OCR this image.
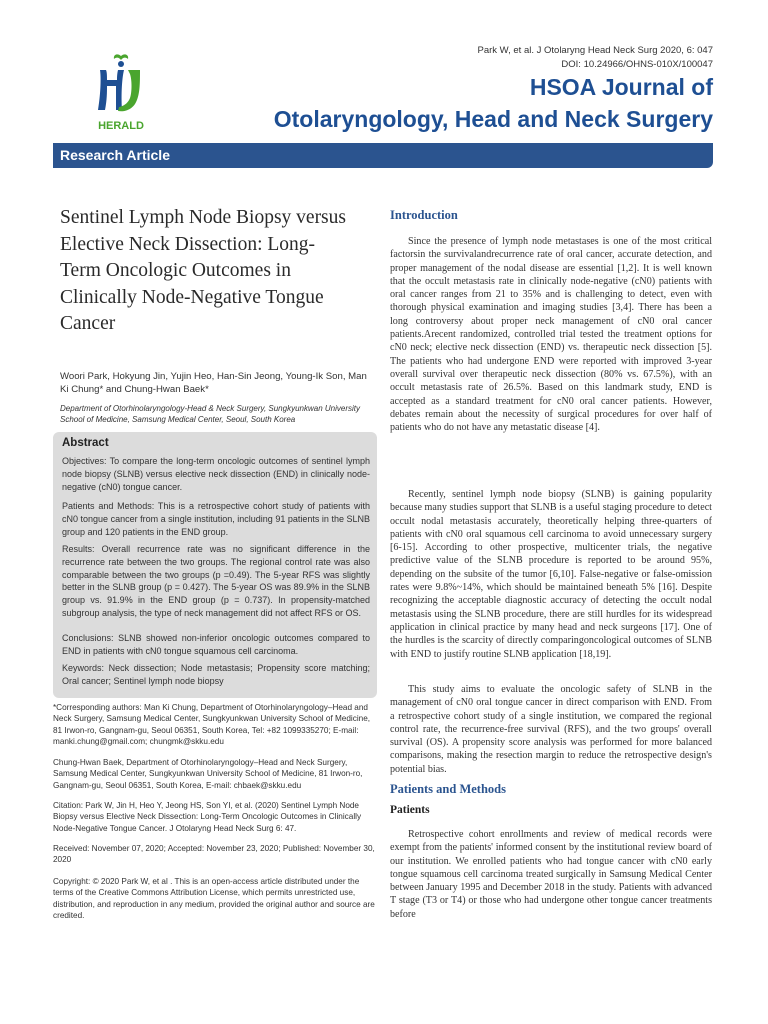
Park W, et al. J Otolaryng Head Neck Surg 2020, 6: 047
DOI: 10.24966/OHNS-010X/100047
HERALD
HSOA Journal of
Otolaryngology, Head and Neck Surgery
Research Article
Sentinel Lymph Node Biopsy versus Elective Neck Dissection: Long-Term Oncologic Outcomes in Clinically Node-Negative Tongue Cancer
Woori Park, Hokyung Jin, Yujin Heo, Han-Sin Jeong, Young-Ik Son, Man Ki Chung* and Chung-Hwan Baek*
Department of Otorhinolaryngology-Head & Neck Surgery, Sungkyunkwan University School of Medicine, Samsung Medical Center, Seoul, South Korea
Abstract
Objectives: To compare the long-term oncologic outcomes of sentinel lymph node biopsy (SLNB) versus elective neck dissection (END) in clinically node-negative (cN0) tongue cancer.
Patients and Methods: This is a retrospective cohort study of patients with cN0 tongue cancer from a single institution, including 91 patients in the SLNB group and 120 patients in the END group.
Results: Overall recurrence rate was no significant difference in the recurrence rate between the two groups. The regional control rate was also comparable between the two groups (p =0.49). The 5-year RFS was slightly better in the SLNB group (p = 0.427). The 5-year OS was 89.9% in the SLNB group vs. 91.9% in the END group (p = 0.737). In propensity-matched subgroup analysis, the type of neck management did not affect RFS or OS.
Conclusions: SLNB showed non-inferior oncologic outcomes compared to END in patients with cN0 tongue squamous cell carcinoma.
Keywords: Neck dissection; Node metastasis; Propensity score matching; Oral cancer; Sentinel lymph node biopsy
*Corresponding authors: Man Ki Chung, Department of Otorhinolaryngology–Head and Neck Surgery, Samsung Medical Center, Sungkyunkwan University School of Medicine, 81 Irwon-ro, Gangnam-gu, Seoul 06351, South Korea, Tel: +82 1099335270; E-mail: manki.chung@gmail.com; chungmk@skku.edu
Chung-Hwan Baek, Department of Otorhinolaryngology–Head and Neck Surgery, Samsung Medical Center, Sungkyunkwan University School of Medicine, 81 Irwon-ro, Gangnam-gu, Seoul 06351, South Korea, E-mail: chbaek@skku.edu
Citation: Park W, Jin H, Heo Y, Jeong HS, Son YI, et al. (2020) Sentinel Lymph Node Biopsy versus Elective Neck Dissection: Long-Term Oncologic Outcomes in Clinically Node-Negative Tongue Cancer. J Otolaryng Head Neck Surg 6: 47.
Received: November 07, 2020; Accepted: November 23, 2020; Published: November 30, 2020
Copyright: © 2020 Park W, et al . This is an open-access article distributed under the terms of the Creative Commons Attribution License, which permits unrestricted use, distribution, and reproduction in any medium, provided the original author and source are credited.
Introduction
Since the presence of lymph node metastases is one of the most critical factorsin the survivalandrecurrence rate of oral cancer, accurate detection, and proper management of the nodal disease are essential [1,2]. It is well known that the occult metastasis rate in clinically node-negative (cN0) patients with oral cancer ranges from 21 to 35% and is challenging to detect, even with thorough physical examination and imaging studies [3,4]. There has been a long controversy about proper neck management of cN0 oral cancer patients.Arecent randomized, controlled trial tested the treatment options for cN0 neck; elective neck dissection (END) vs. therapeutic neck dissection [5]. The patients who had undergone END were reported with improved 3-year overall survival over therapeutic neck dissection (80% vs. 67.5%), with an occult metastasis rate of 26.5%. Based on this landmark study, END is accepted as a standard treatment for cN0 oral cancer patients. However, debates remain about the necessity of surgical procedures for over half of patients who do not have any metastatic disease [4].
Recently, sentinel lymph node biopsy (SLNB) is gaining popularity because many studies support that SLNB is a useful staging procedure to detect occult nodal metastasis accurately, theoretically helping three-quarters of patients with cN0 oral squamous cell carcinoma to avoid unnecessary surgery [6-15]. According to other prospective, multicenter trials, the negative predictive value of the SLNB procedure is reported to be around 95%, depending on the subsite of the tumor [6,10]. False-negative or false-omission rates were 9.8%~14%, which should be maintained beneath 5% [16]. Despite recognizing the acceptable diagnostic accuracy of detecting the occult nodal metastasis using the SLNB procedure, there are still hurdles for its widespread application in clinical practice by many head and neck surgeons [17]. One of the hurdles is the scarcity of directly comparingoncological outcomes of SLNB with END to justify routine SLNB application [18,19].
This study aims to evaluate the oncologic safety of SLNB in the management of cN0 oral tongue cancer in direct comparison with END. From a retrospective cohort study of a single institution, we compared the regional control rate, the recurrence-free survival (RFS), and the two groups' overall survival (OS). A propensity score analysis was performed for more balanced comparisons, making the resection margin to reduce the retrospective design's potential bias.
Patients and Methods
Patients
Retrospective cohort enrollments and review of medical records were exempt from the patients' informed consent by the institutional review board of our institution. We enrolled patients who had tongue cancer with cN0 early tongue squamous cell carcinoma treated surgically in Samsung Medical Center between January 1995 and December 2018 in the study. Patients with advanced T stage (T3 or T4) or those who had undergone other tongue cancer treatments before
